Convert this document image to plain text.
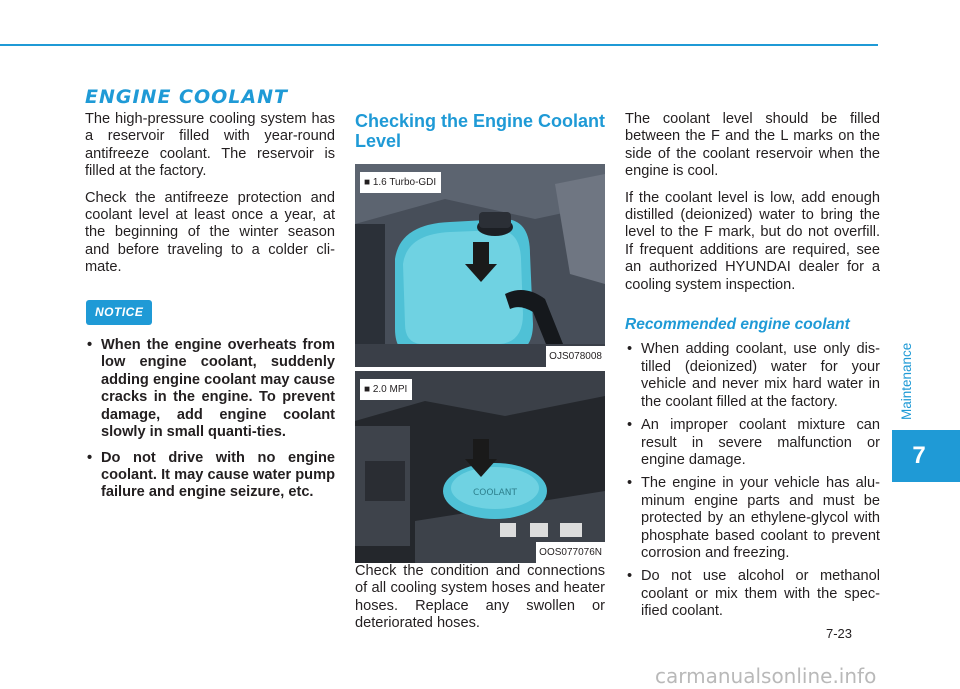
ENGINE COOLANT

The high-pressure cooling system has a reservoir filled with year-round antifreeze coolant. The reservoir is filled at the factory.

Check the antifreeze protection and coolant level at least once a year, at the beginning of the winter season and before traveling to a colder cli-mate.

NOTICE
• When the engine overheats from low engine coolant, suddenly adding engine coolant may cause cracks in the engine. To prevent damage, add engine coolant slowly in small quanti-ties.
• Do not drive with no engine coolant. It may cause water pump failure and engine seizure, etc.
Checking the Engine Coolant Level
■ 1.6 Turbo-GDI
OJS078008
COOLANT
■ 2.0 MPI
OOS077076N

Check the condition and connections of all cooling system hoses and heater hoses. Replace any swollen or deteriorated hoses.

The coolant level should be filled between the F and the L marks on the side of the coolant reservoir when the engine is cool.

If the coolant level is low, add enough distilled (deionized) water to bring the level to the F mark, but do not overfill. If frequent additions are required, see an authorized HYUNDAI dealer for a cooling system inspection.

Recommended engine coolant
• When adding coolant, use only dis-tilled (deionized) water for your vehicle and never mix hard water in the coolant filled at the factory.
• An improper coolant mixture can result in severe malfunction or engine damage.
• The engine in your vehicle has alu-minum engine parts and must be protected by an ethylene-glycol with phosphate based coolant to prevent corrosion and freezing.
• Do not use alcohol or methanol coolant or mix them with the spec-ified coolant.
Maintenance
7
7-23
carmanualsonline.info
